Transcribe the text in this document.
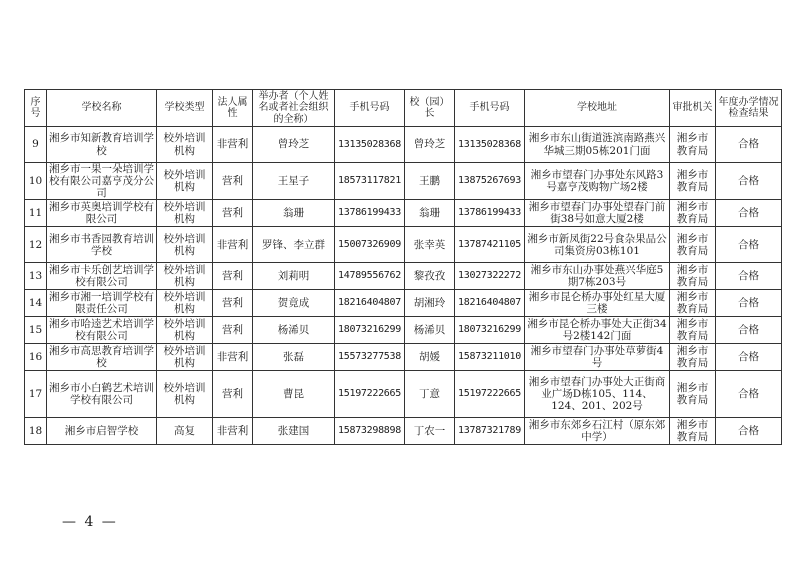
序号	学校名称	学校类型	法人属性	举办者（个人姓名或者社会组织的全称）	手机号码	校（园）长	手机号码	学校地址	审批机关	年度办学情况检查结果
9	湘乡市知新教育培训学校	校外培训机构	非营利	曾玲芝	13135028368	曾玲芝	13135028368	湘乡市东山街道涟滨南路燕兴华城三期05栋201门面	湘乡市教育局	合格
10	湘乡市一果一朵培训学校有限公司嘉亨茂分公司	校外培训机构	营利	王星子	18573117821	王鹏	13875267693	湘乡市望春门办事处东风路3号嘉亨茂购物广场2楼	湘乡市教育局	合格
11	湘乡市英奥培训学校有限公司	校外培训机构	营利	翁珊	13786199433	翁珊	13786199433	湘乡市望春门办事处望春门前街38号如意大厦2楼	湘乡市教育局	合格
12	湘乡市书香园教育培训学校	校外培训机构	非营利	罗锋、李立群	15007326909	张幸英	13787421105	湘乡市新凤街22号食杂果品公司集资房03栋101	湘乡市教育局	合格
13	湘乡市卡乐创艺培训学校有限公司	校外培训机构	营利	刘莉明	14789556762	黎孜孜	13027322272	湘乡市东山办事处燕兴华庭5期7栋203号	湘乡市教育局	合格
14	湘乡市湘一培训学校有限责任公司	校外培训机构	营利	贺竟成	18216404807	胡湘玲	18216404807	湘乡市昆仑桥办事处红星大厦三楼	湘乡市教育局	合格
15	湘乡市哈逵艺术培训学校有限公司	校外培训机构	营利	杨浠贝	18073216299	杨浠贝	18073216299	湘乡市昆仑桥办事处大正街34号2楼142门面	湘乡市教育局	合格
16	湘乡市高思教育培训学校	校外培训机构	非营利	张磊	15573277538	胡媛	15873211010	湘乡市望春门办事处草萝街4号	湘乡市教育局	合格
17	湘乡市小白鹤艺术培训学校有限公司	校外培训机构	营利	曹昆	15197222665	丁意	15197222665	湘乡市望春门办事处大正街商业广场D栋105、114、124、201、202号	湘乡市教育局	合格
18	湘乡市启智学校	高复	非营利	张建国	15873298898	丁农一	13787321789	湘乡市东郊乡石江村（原东郊中学）	湘乡市教育局	合格
— 4 —
